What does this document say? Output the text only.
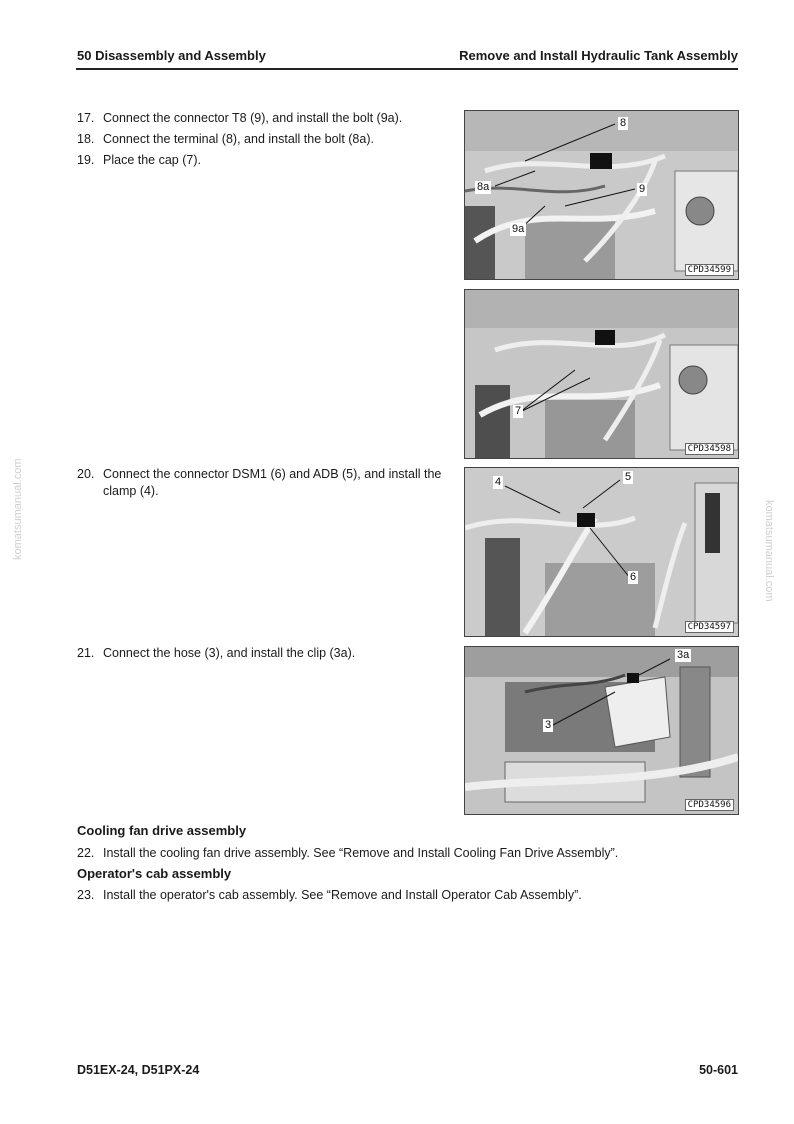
50 Disassembly and Assembly	Remove and Install Hydraulic Tank Assembly
17. Connect the connector T8 (9), and install the bolt (9a).
18. Connect the terminal (8), and install the bolt (8a).
19. Place the cap (7).
8
8a	9
9a
CPD34599
7
CPD34598
20. Connect the connector DSM1 (6) and ADB (5), and install the clamp (4).
4	5
6
CPD34597
21. Connect the hose (3), and install the clip (3a).	3a
3
CPD34596
Cooling fan drive assembly
22. Install the cooling fan drive assembly. See “Remove and Install Cooling Fan Drive Assembly”.
Operator's cab assembly
23. Install the operator's cab assembly. See “Remove and Install Operator Cab Assembly”.
komatsumanual.com	komatsumanual.com
D51EX-24, D51PX-24	50-601
